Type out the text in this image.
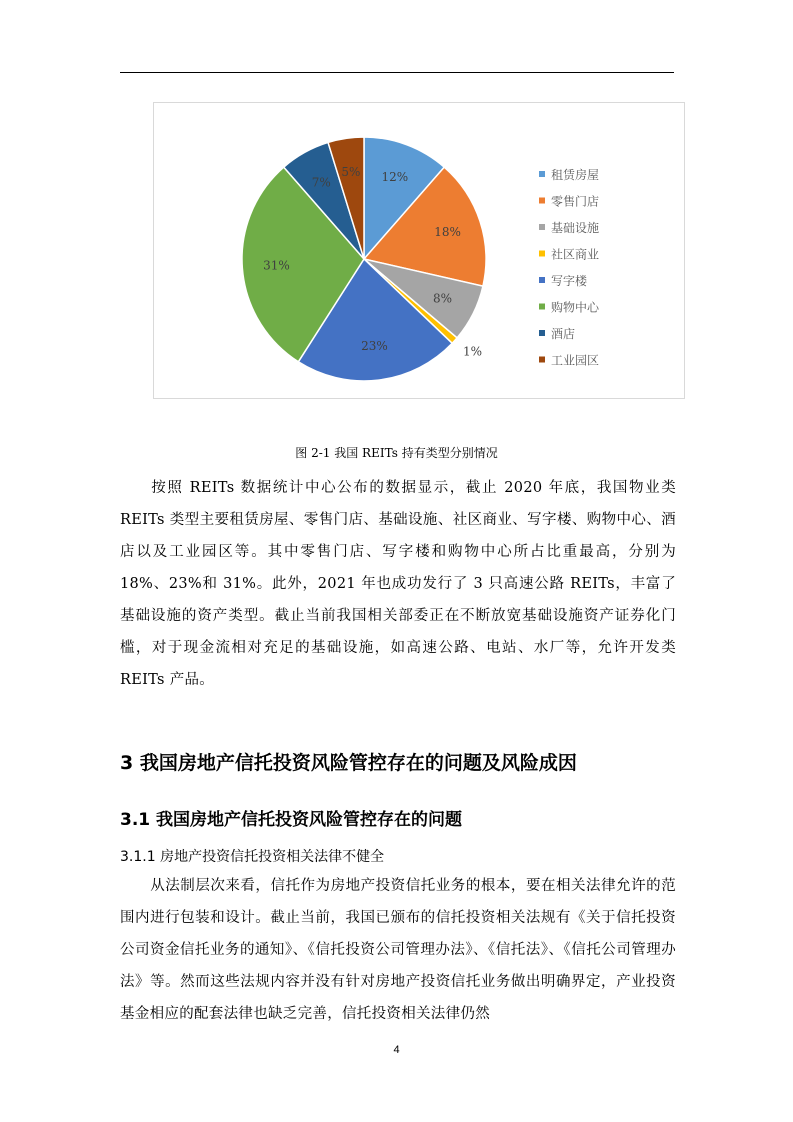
12%
18%
8%
1%
23%
31%
7%
5%	租赁房屋
零售门店
基础设施
社区商业
写字楼
购物中心
酒店
工业园区
图 2-1 我国 REITs 持有类型分别情况
按照 REITs 数据统计中心公布的数据显示，截止 2020 年底，我国物业类 REITs 类型主要租赁房屋、零售门店、基础设施、社区商业、写字楼、购物中心、酒店以及工业园区等。其中零售门店、写字楼和购物中心所占比重最高，分别为 18%、23%和 31%。此外，2021 年也成功发行了 3 只高速公路 REITs，丰富了基础设施的资产类型。截止当前我国相关部委正在不断放宽基础设施资产证券化门槛，对于现金流相对充足的基础设施，如高速公路、电站、水厂等，允许开发类 REITs 产品。
3 我国房地产信托投资风险管控存在的问题及风险成因
3.1 我国房地产信托投资风险管控存在的问题
3.1.1 房地产投资信托投资相关法律不健全
从法制层次来看，信托作为房地产投资信托业务的根本，要在相关法律允许的范围内进行包装和设计。截止当前，我国已颁布的信托投资相关法规有《关于信托投资公司资金信托业务的通知》、《信托投资公司管理办法》、《信托法》、《信托公司管理办法》等。然而这些法规内容并没有针对房地产投资信托业务做出明确界定，产业投资基金相应的配套法律也缺乏完善，信托投资相关法律仍然
4
